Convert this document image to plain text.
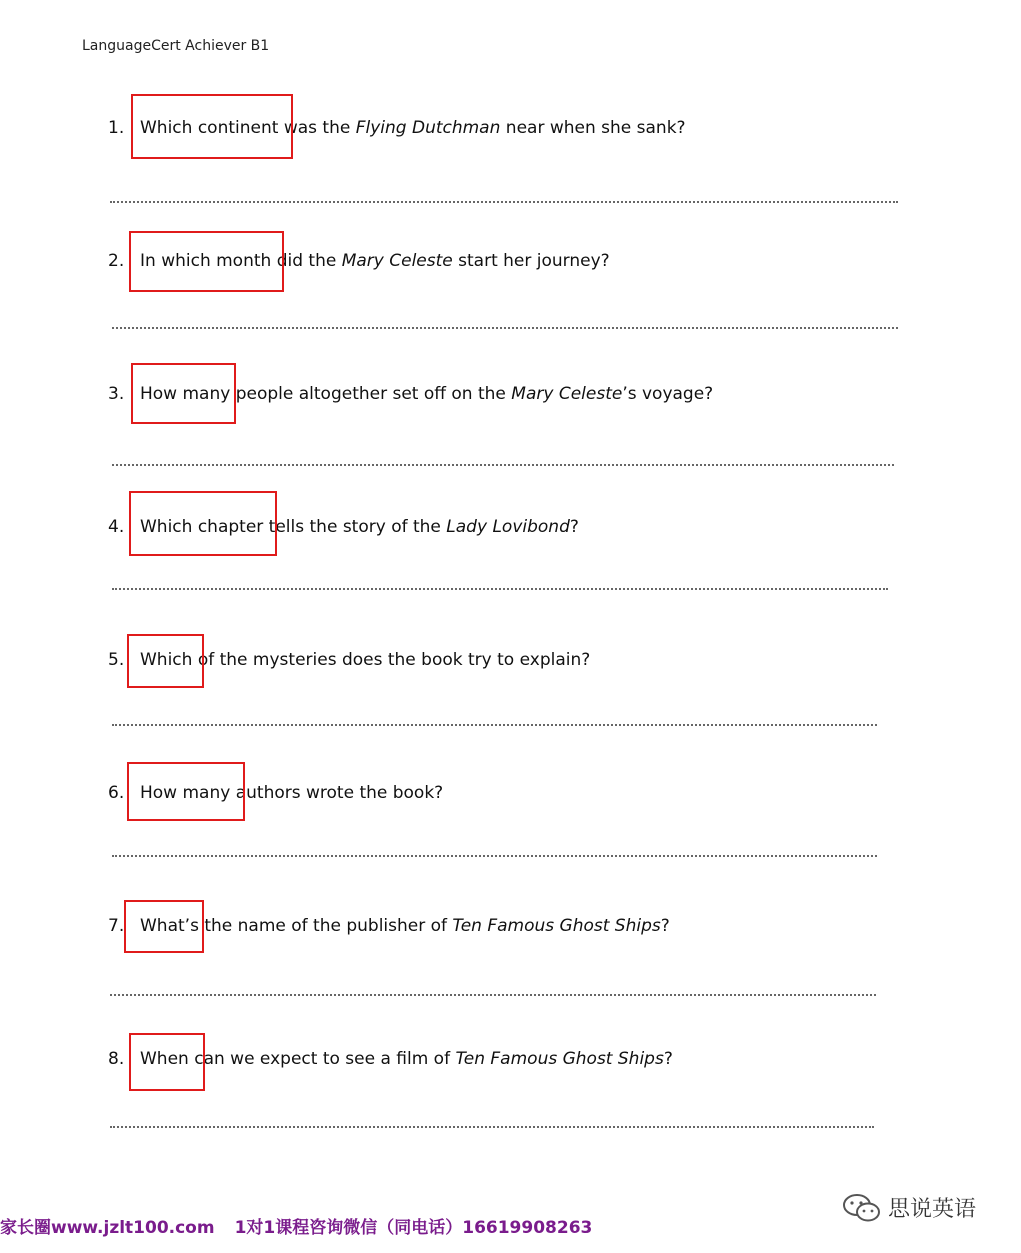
LanguageCert Achiever B1
1. Which continent was the Flying Dutchman near when she sank?
2. In which month did the Mary Celeste start her journey?
3. How many people altogether set off on the Mary Celeste’s voyage?
4. Which chapter tells the story of the Lady Lovibond?
5. Which of the mysteries does the book try to explain?
6. How many authors wrote the book?
7. What’s the name of the publisher of Ten Famous Ghost Ships?
8. When can we expect to see a film of Ten Famous Ghost Ships?
家长圈www.jzlt100.com 1对1课程咨询微信（同电话）16619908263
思说英语
